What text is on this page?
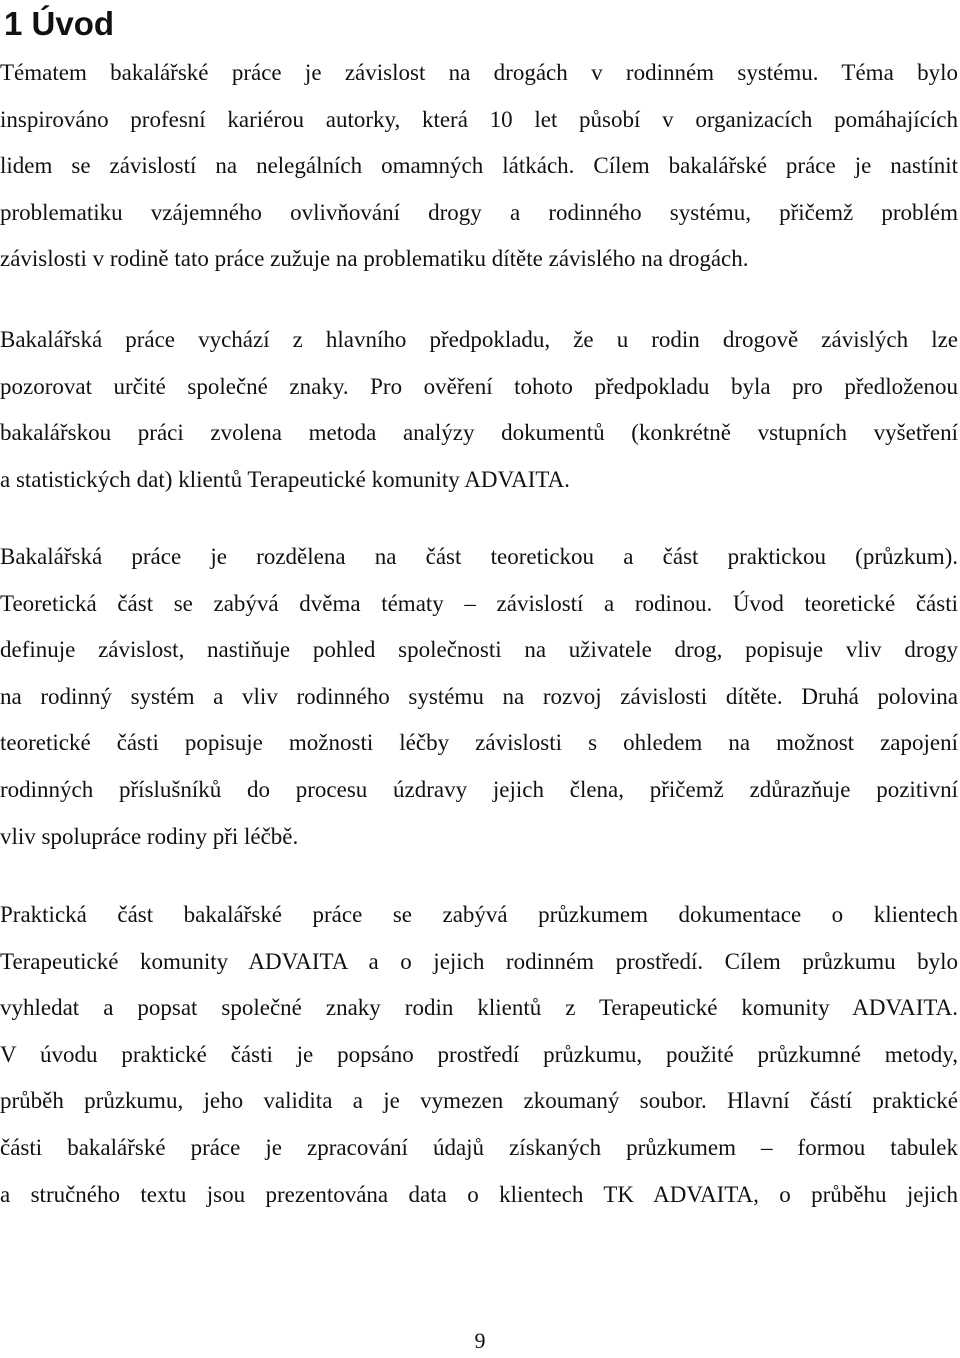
1 Úvod
Tématem bakalářské práce je závislost na drogách v rodinném systému. Téma bylo
inspirováno profesní kariérou autorky, která 10 let působí v organizacích pomáhajících
lidem se závislostí na nelegálních omamných látkách. Cílem bakalářské práce je nastínit
problematiku vzájemného ovlivňování drogy a rodinného systému, přičemž problém
závislosti v rodině tato práce zužuje na problematiku dítěte závislého na drogách.
Bakalářská práce vychází z hlavního předpokladu, že u rodin drogově závislých lze
pozorovat určité společné znaky. Pro ověření tohoto předpokladu byla pro předloženou
bakalářskou práci zvolena metoda analýzy dokumentů (konkrétně vstupních vyšetření
a statistických dat) klientů Terapeutické komunity ADVAITA.
Bakalářská práce je rozdělena na část teoretickou a část praktickou (průzkum).
Teoretická část se zabývá dvěma tématy – závislostí a rodinou. Úvod teoretické části
definuje závislost, nastiňuje pohled společnosti na uživatele drog, popisuje vliv drogy
na rodinný systém a vliv rodinného systému na rozvoj závislosti dítěte. Druhá polovina
teoretické části popisuje možnosti léčby závislosti s ohledem na možnost zapojení
rodinných příslušníků do procesu úzdravy jejich člena, přičemž zdůrazňuje pozitivní
vliv spolupráce rodiny při léčbě.
Praktická část bakalářské práce se zabývá průzkumem dokumentace o klientech
Terapeutické komunity ADVAITA a o jejich rodinném prostředí. Cílem průzkumu bylo
vyhledat a popsat společné znaky rodin klientů z Terapeutické komunity ADVAITA.
V úvodu praktické části je popsáno prostředí průzkumu, použité průzkumné metody,
průběh průzkumu, jeho validita a je vymezen zkoumaný soubor. Hlavní částí praktické
části bakalářské práce je zpracování údajů získaných průzkumem – formou tabulek
a stručného textu jsou prezentována data o klientech TK ADVAITA, o průběhu jejich
9
